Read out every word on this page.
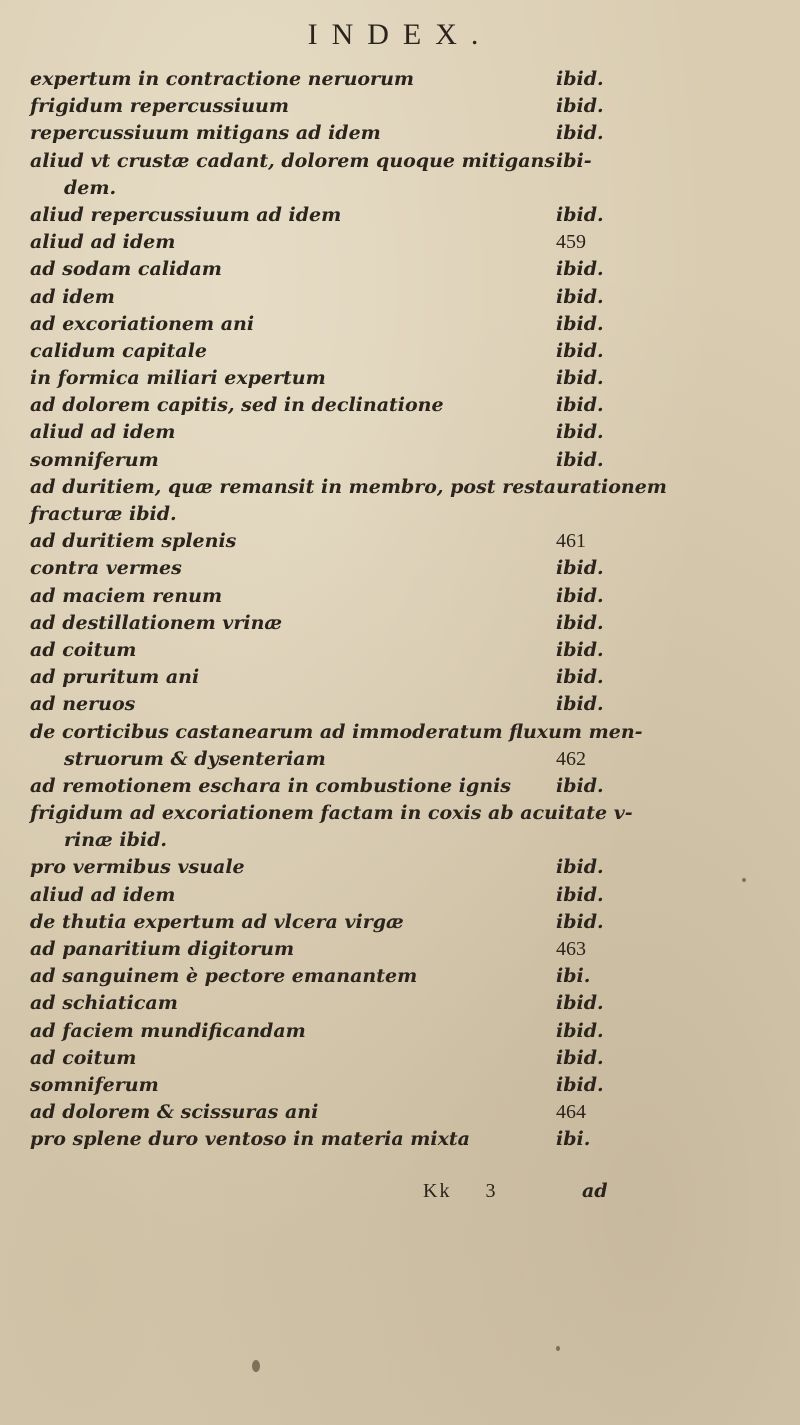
INDEX.
expertum in contractione neruorum
frigidum repercussiuum
repercussiuum mitigans ad idem
aliud vt crustæ cadant, dolorem quoque mitigans
dem.
aliud repercussiuum ad idem
aliud ad idem
ad sodam calidam
ad idem
ad excoriationem ani
calidum capitale
in formica miliari expertum
ad dolorem capitis, sed in declinatione
aliud ad idem
somniferum
ad duritiem, quæ remansit in membro, post restaurationem
fracturæ ibid.
ad duritiem splenis
contra vermes
ad maciem renum
ad destillationem vrinæ
ad coitum
ad pruritum ani
ad neruos
de corticibus castanearum ad immoderatum fluxum men-
struorum & dysenteriam
ad remotionem eschara in combustione ignis
frigidum ad excoriationem factam in coxis ab acuitate v-
rinæ ibid.
pro vermibus vsuale
aliud ad idem
de thutia expertum ad vlcera virgæ
ad panaritium digitorum
ad sanguinem è pectore emanantem
ad schiaticam
ad faciem mundificandam
ad coitum
somniferum
ad dolorem & scissuras ani
pro splene duro ventoso in materia mixta
ibid.
ibid.
ibid.
ibi-
ibid.
459
ibid.
ibid.
ibid.
ibid.
ibid.
ibid.
ibid.
ibid.
461
ibid.
ibid.
ibid.
ibid.
ibid.
ibid.
462
ibid.
ibid.
ibid.
ibid.
463
ibi.
ibid.
ibid.
ibid.
ibid.
464
ibi.
Kk 3	ad
